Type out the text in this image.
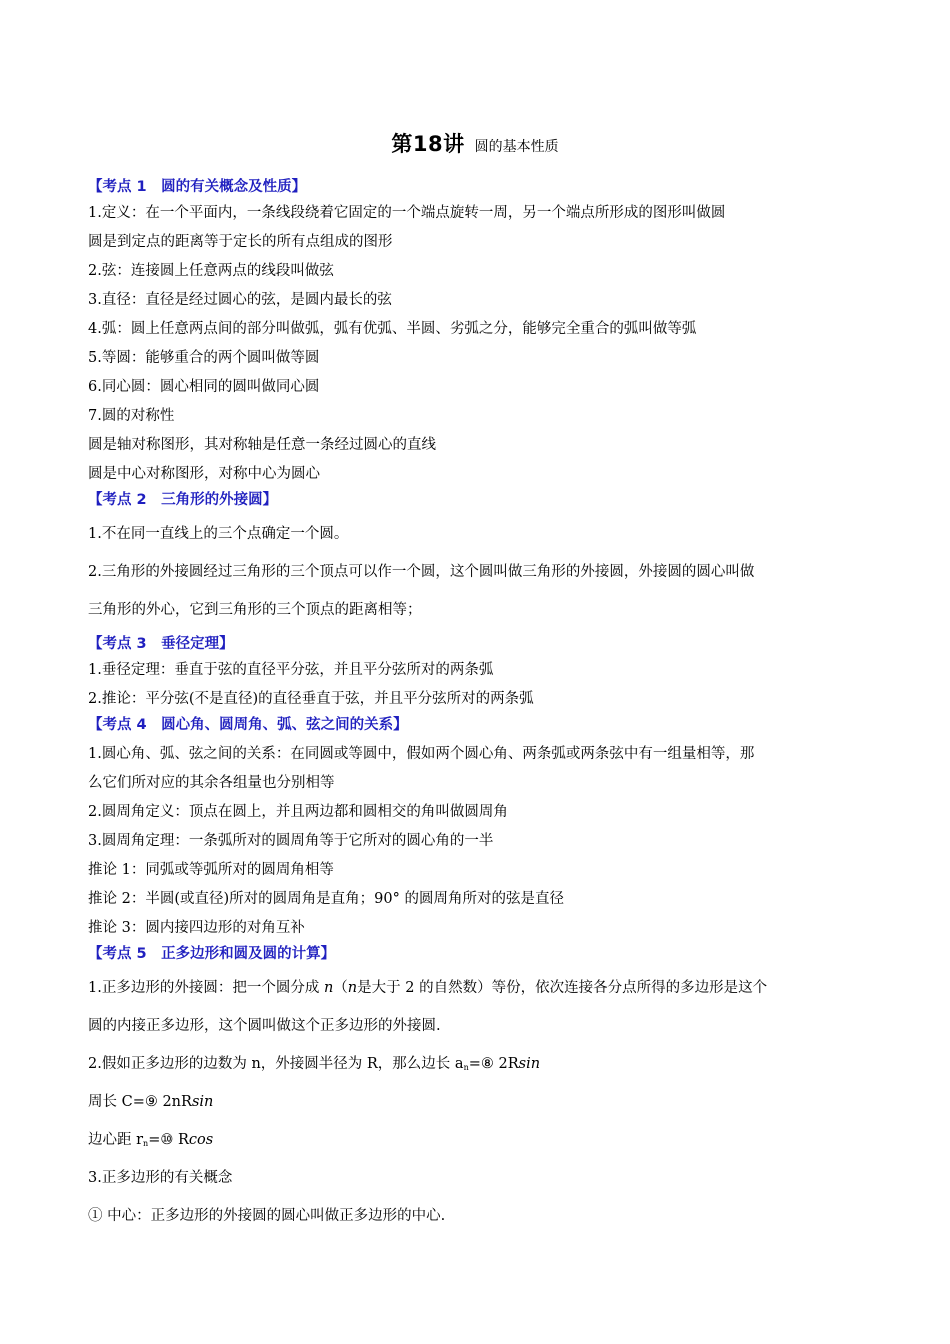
第18讲 圆的基本性质
【考点 1　圆的有关概念及性质】
1.定义：在一个平面内，一条线段绕着它固定的一个端点旋转一周，另一个端点所形成的图形叫做圆
圆是到定点的距离等于定长的所有点组成的图形
2.弦：连接圆上任意两点的线段叫做弦
3.直径：直径是经过圆心的弦，是圆内最长的弦
4.弧：圆上任意两点间的部分叫做弧，弧有优弧、半圆、劣弧之分，能够完全重合的弧叫做等弧
5.等圆：能够重合的两个圆叫做等圆
6.同心圆：圆心相同的圆叫做同心圆
7.圆的对称性
圆是轴对称图形，其对称轴是任意一条经过圆心的直线
圆是中心对称图形，对称中心为圆心
【考点 2　三角形的外接圆】
1.不在同一直线上的三个点确定一个圆。
2.三角形的外接圆经过三角形的三个顶点可以作一个圆，这个圆叫做三角形的外接圆，外接圆的圆心叫做
三角形的外心，它到三角形的三个顶点的距离相等；
【考点 3　垂径定理】
1.垂径定理：垂直于弦的直径平分弦，并且平分弦所对的两条弧
2.推论：平分弦(不是直径)的直径垂直于弦，并且平分弦所对的两条弧
【考点 4　圆心角、圆周角、弧、弦之间的关系】
1.圆心角、弧、弦之间的关系：在同圆或等圆中，假如两个圆心角、两条弧或两条弦中有一组量相等，那
么它们所对应的其余各组量也分别相等
2.圆周角定义：顶点在圆上，并且两边都和圆相交的角叫做圆周角
3.圆周角定理：一条弧所对的圆周角等于它所对的圆心角的一半
推论 1：同弧或等弧所对的圆周角相等
推论 2：半圆(或直径)所对的圆周角是直角；90° 的圆周角所对的弦是直径
推论 3：圆内接四边形的对角互补
【考点 5　正多边形和圆及圆的计算】
1.正多边形的外接圆：把一个圆分成 n（n是大于 2 的自然数）等份，依次连接各分点所得的多边形是这个
圆的内接正多边形，这个圆叫做这个正多边形的外接圆.
2.假如正多边形的边数为 n，外接圆半径为 R，那么边长 $a_n=⑧$ 2Rsin
周长 C=⑨ 2nRsin
边心距 $r_n=⑩$ Rcos
3.正多边形的有关概念
① 中心：正多边形的外接圆的圆心叫做正多边形的中心.
